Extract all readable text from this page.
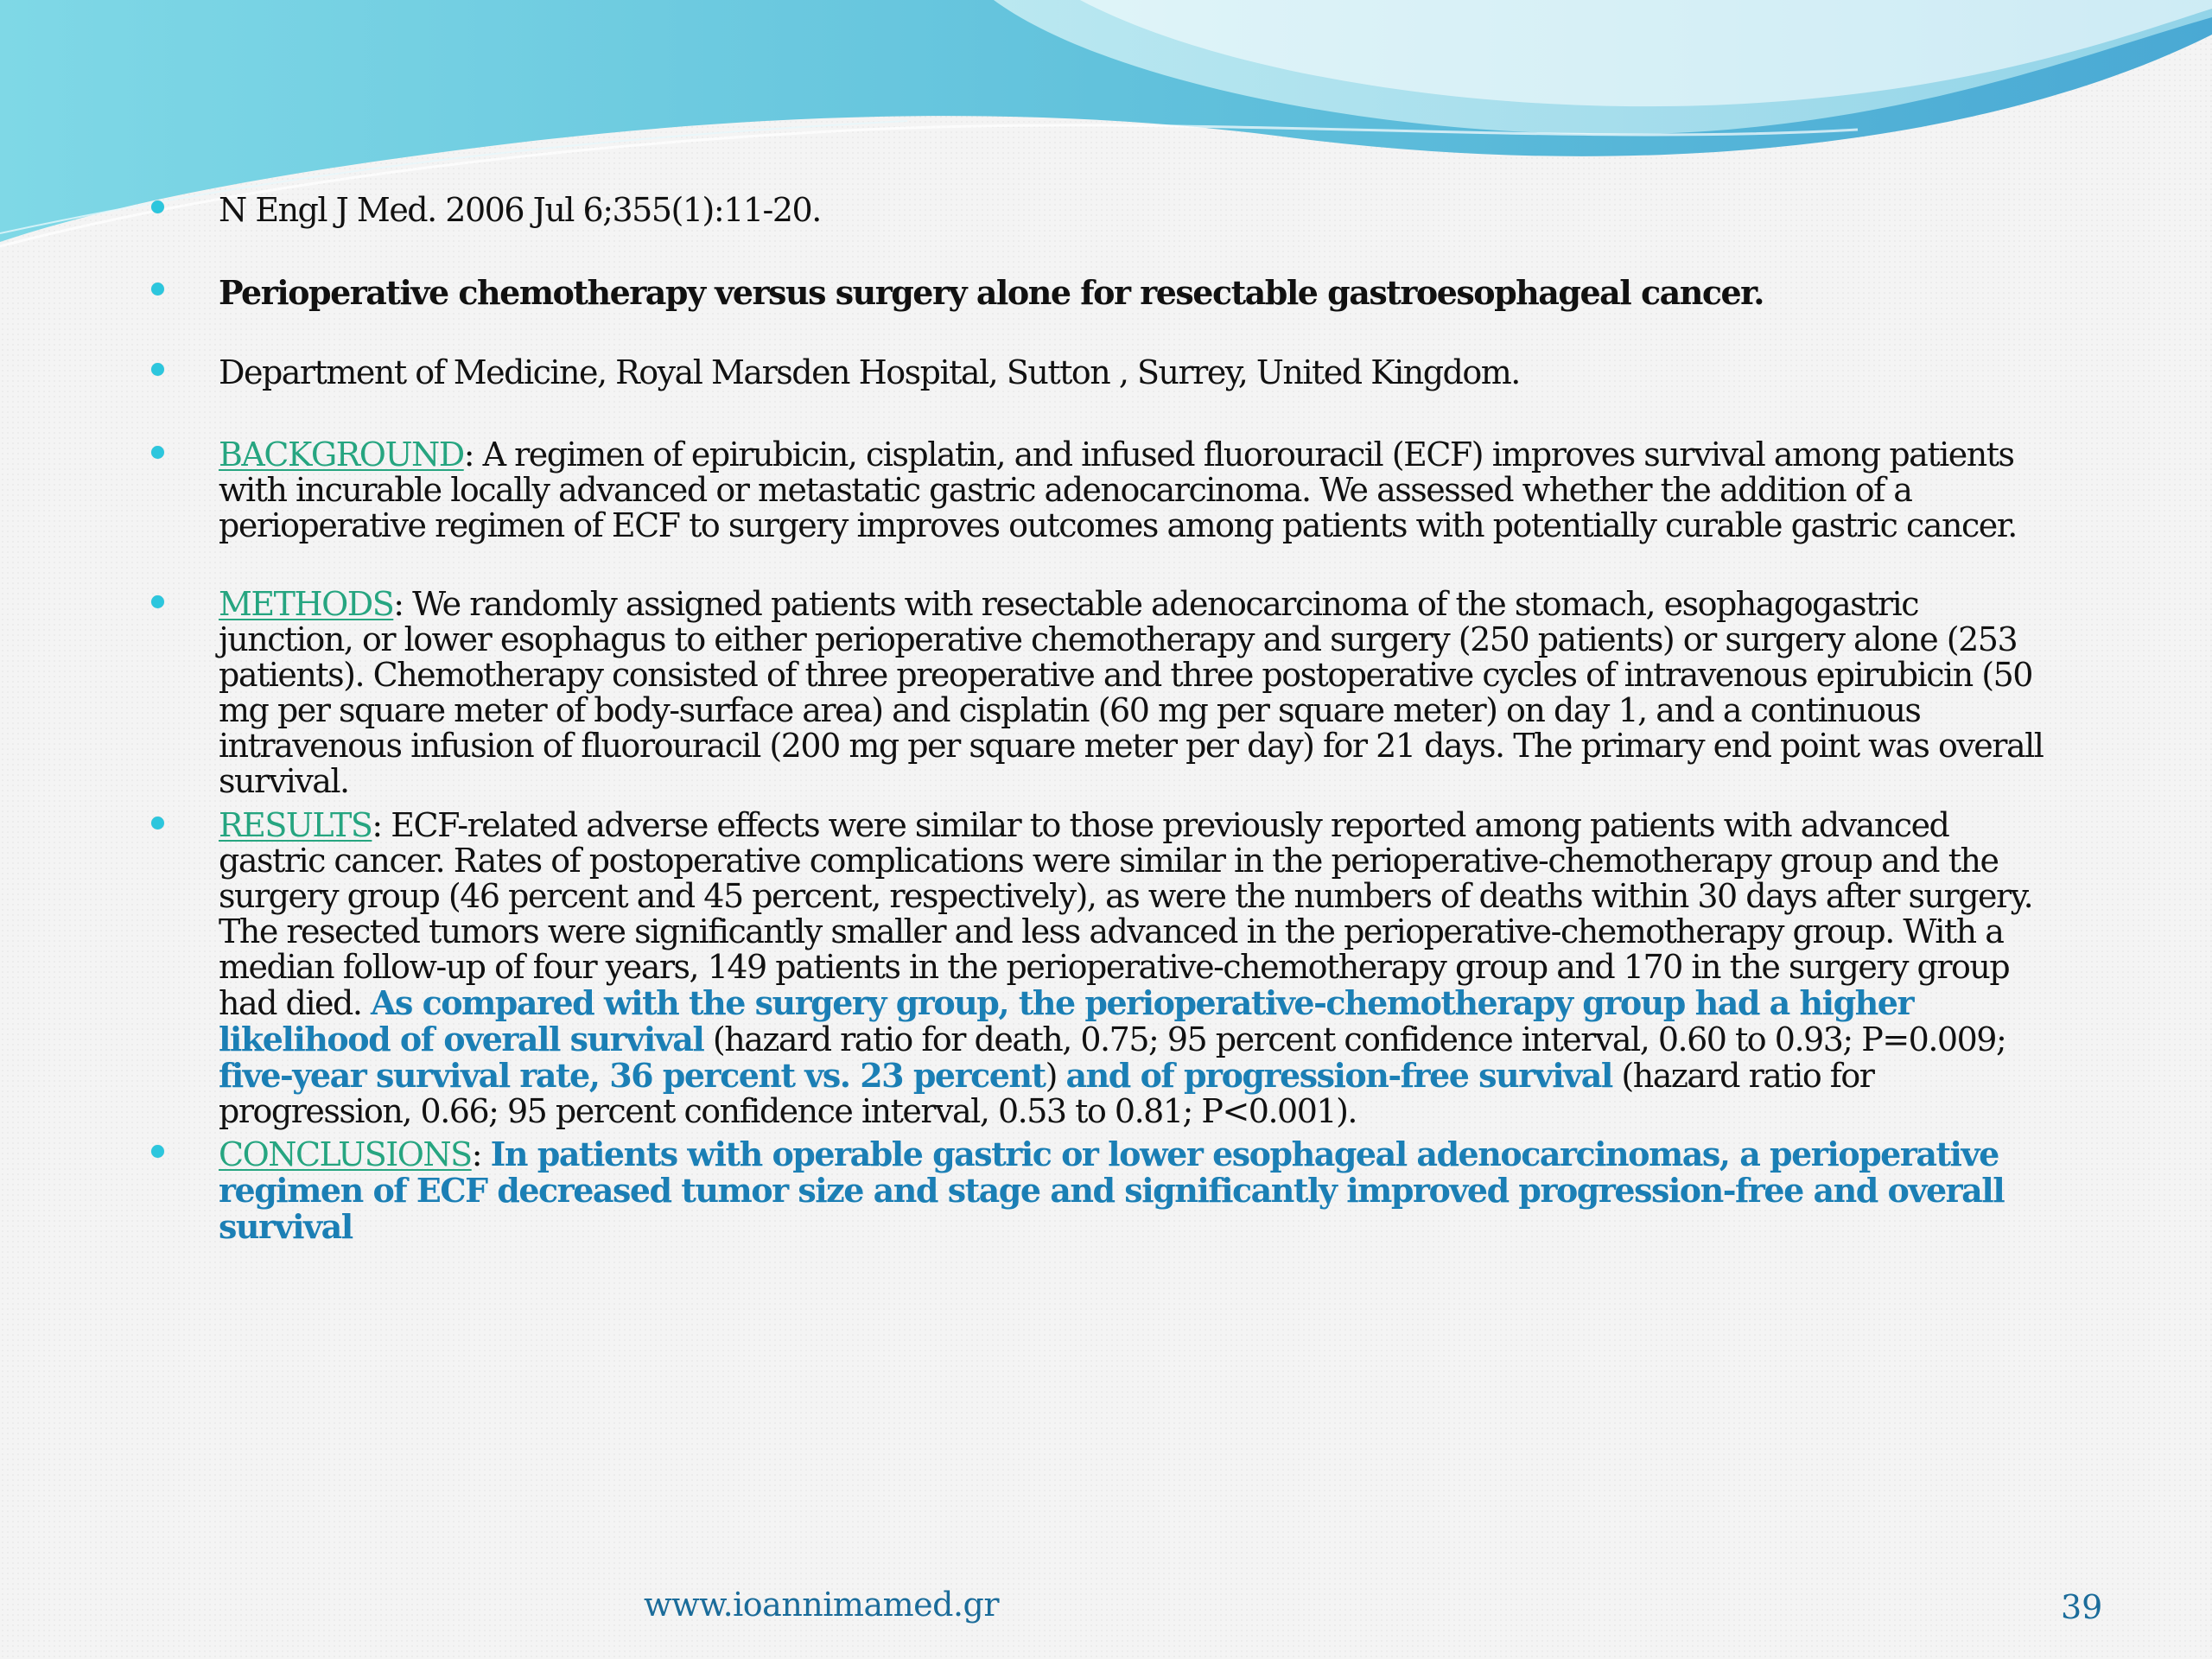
N Engl J Med. 2006 Jul 6;355(1):11-20.

Perioperative chemotherapy versus surgery alone for resectable gastroesophageal cancer.

Department of Medicine, Royal Marsden Hospital, Sutton , Surrey, United Kingdom.

BACKGROUND: A regimen of epirubicin, cisplatin, and infused fluorouracil (ECF) improves survival among patients with incurable locally advanced or metastatic gastric adenocarcinoma. We assessed whether the addition of a perioperative regimen of ECF to surgery improves outcomes among patients with potentially curable gastric cancer.

METHODS: We randomly assigned patients with resectable adenocarcinoma of the stomach, esophagogastric junction, or lower esophagus to either perioperative chemotherapy and surgery (250 patients) or surgery alone (253 patients). Chemotherapy consisted of three preoperative and three postoperative cycles of intravenous epirubicin (50 mg per square meter of body-surface area) and cisplatin (60 mg per square meter) on day 1, and a continuous intravenous infusion of fluorouracil (200 mg per square meter per day) for 21 days. The primary end point was overall survival.

RESULTS: ECF-related adverse effects were similar to those previously reported among patients with advanced gastric cancer. Rates of postoperative complications were similar in the perioperative-chemotherapy group and the surgery group (46 percent and 45 percent, respectively), as were the numbers of deaths within 30 days after surgery. The resected tumors were significantly smaller and less advanced in the perioperative-chemotherapy group. With a median follow-up of four years, 149 patients in the perioperative-chemotherapy group and 170 in the surgery group had died. As compared with the surgery group, the perioperative-chemotherapy group had a higher likelihood of overall survival (hazard ratio for death, 0.75; 95 percent confidence interval, 0.60 to 0.93; P=0.009; five-year survival rate, 36 percent vs. 23 percent) and of progression-free survival (hazard ratio for progression, 0.66; 95 percent confidence interval, 0.53 to 0.81; P<0.001).

CONCLUSIONS: In patients with operable gastric or lower esophageal adenocarcinomas, a perioperative regimen of ECF decreased tumor size and stage and significantly improved progression-free and overall survival

www.ioannimamed.gr	39
